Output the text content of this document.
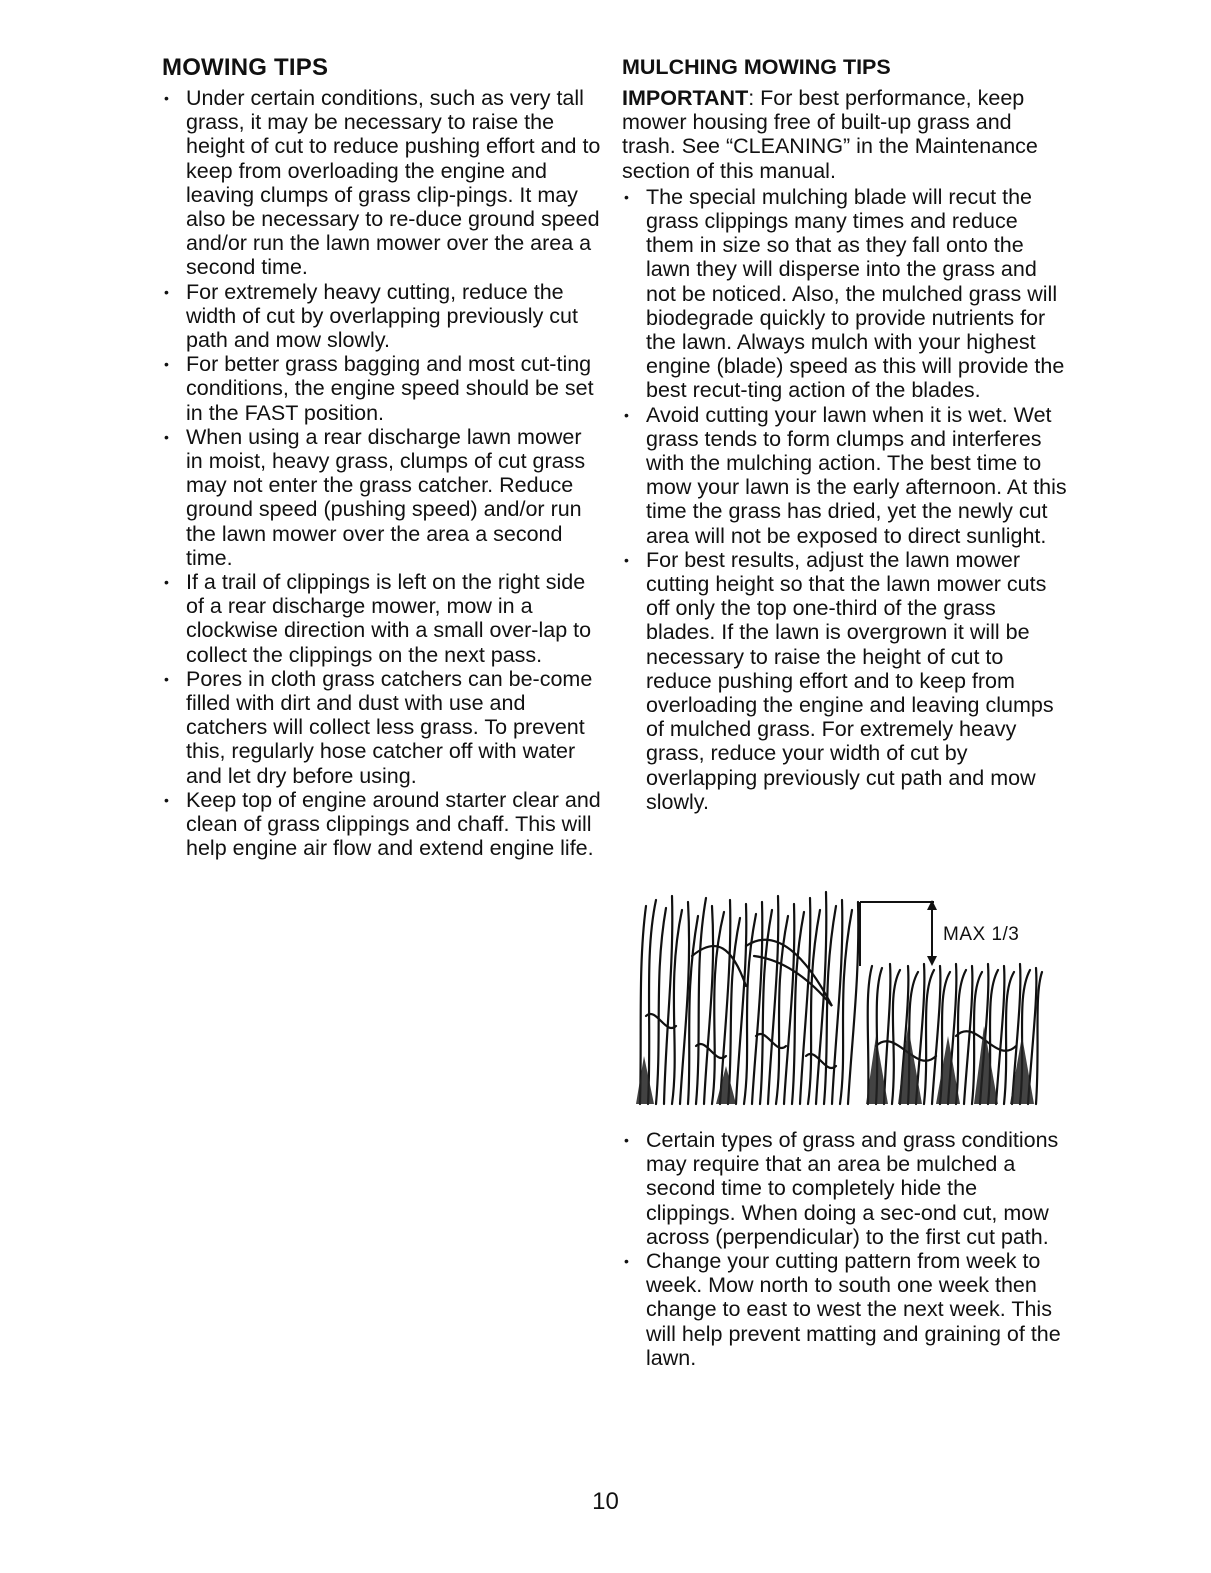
MOWING TIPS
• Under certain conditions, such as very tall grass, it may be necessary to raise the height of cut to reduce pushing effort and to keep from overloading the engine and leaving clumps of grass clip-pings. It may also be necessary to re-duce ground speed and/or run the lawn mower over the area a second time.
• For extremely heavy cutting, reduce the width of cut by overlapping previously cut path and mow slowly.
• For better grass bagging and most cut-ting conditions, the engine speed should be set in the FAST position.
• When using a rear discharge lawn mower in moist, heavy grass, clumps of cut grass may not enter the grass catcher. Reduce ground speed (pushing speed) and/or run the lawn mower over the area a second time.
• If a trail of clippings is left on the right side of a rear discharge mower, mow in a clockwise direction with a small over-lap to collect the clippings on the next pass.
• Pores in cloth grass catchers can be-come filled with dirt and dust with use and catchers will collect less grass. To prevent this, regularly hose catcher off with water and let dry before using.
• Keep top of engine around starter clear and clean of grass clippings and chaff. This will help engine air flow and extend engine life.
MULCHING MOWING TIPS

IMPORTANT: For best performance, keep mower housing free of built-up grass and trash. See “CLEANING” in the Maintenance section of this manual.

• The special mulching blade will recut the grass clippings many times and reduce them in size so that as they fall onto the lawn they will disperse into the grass and not be noticed. Also, the mulched grass will biodegrade quickly to provide nutrients for the lawn. Always mulch with your highest engine (blade) speed as this will provide the best recut-ting action of the blades.
• Avoid cutting your lawn when it is wet. Wet grass tends to form clumps and interferes with the mulching action. The best time to mow your lawn is the early afternoon. At this time the grass has dried, yet the newly cut area will not be exposed to direct sunlight.
• For best results, adjust the lawn mower cutting height so that the lawn mower cuts off only the top one-third of the grass blades. If the lawn is overgrown it will be necessary to raise the height of cut to reduce pushing effort and to keep from overloading the engine and leaving clumps of mulched grass. For extremely heavy grass, reduce your width of cut by overlapping previously cut path and mow slowly.
MAX 1/3
• Certain types of grass and grass conditions may require that an area be mulched a second time to completely hide the clippings. When doing a sec-ond cut, mow across (perpendicular) to the first cut path.
• Change your cutting pattern from week to week. Mow north to south one week then change to east to west the next week. This will help prevent matting and graining of the lawn.
10
